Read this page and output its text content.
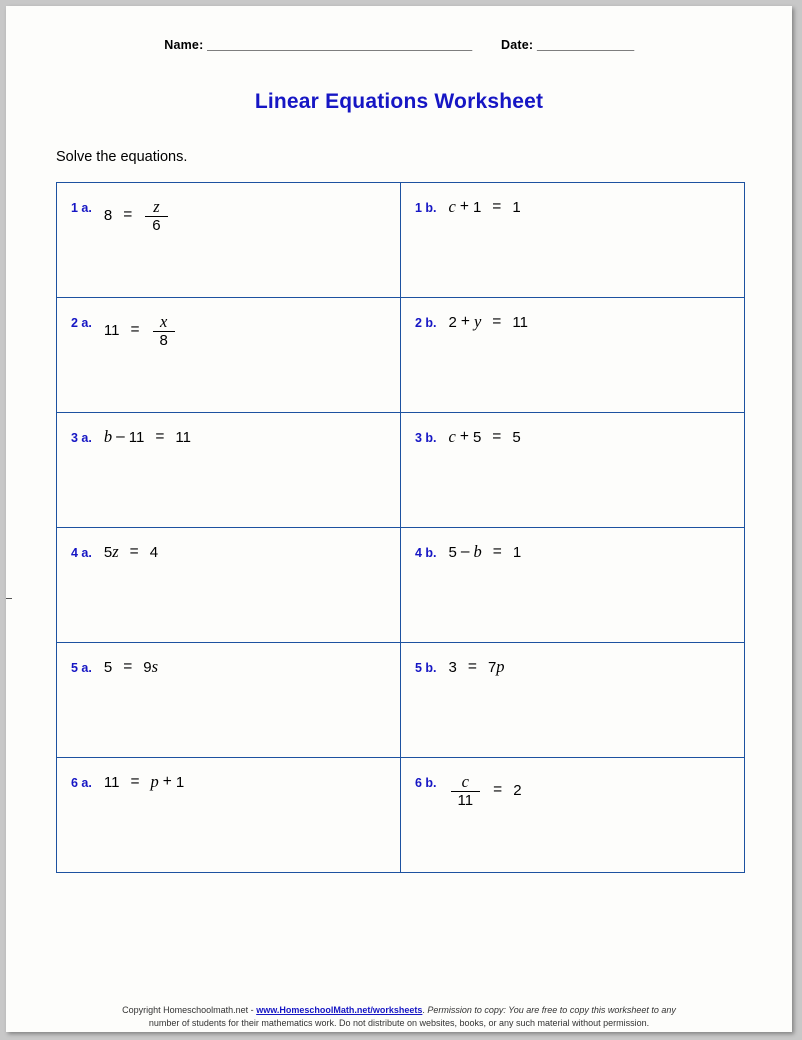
Name: _________________________________________ Date: _______________
Linear Equations Worksheet
Solve the equations.
1 a. $8 = \frac{z}{6}$	1 b. c + 1 = 1

2 a. $11 = \frac{x}{8}$	2 b. 2 + y = 11

3 a. b – 11 = 11	3 b. c + 5 = 5

4 a. 5 z = 4	4 b. 5 – b = 1

5 a. 5 = 9 s	5 b. 3 = 7 p

6 a. 11 = p + 1	6 b. $\frac{c}{11} = 2$
Copyright Homeschoolmath.net - www.HomeschoolMath.net/worksheets. Permission to copy: You are free to copy this worksheet to any
number of students for their mathematics work. Do not distribute on websites, books, or any such material without permission.
